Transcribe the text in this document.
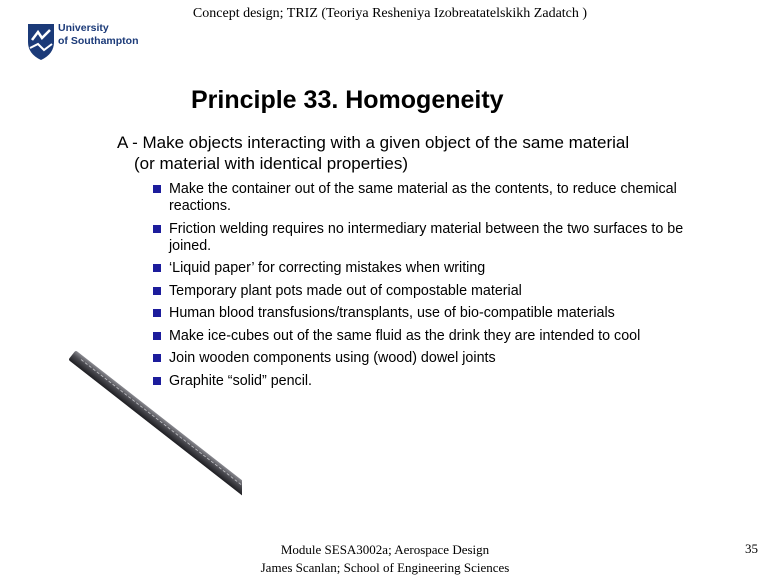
Concept design; TRIZ (Teoriya Resheniya Izobreatatelskikh Zadatch )
University
of Southampton
Principle 33. Homogeneity
A - Make objects interacting with a given object of the same material
(or material with identical properties)
Make the container out of the same material as the contents, to reduce chemical reactions.
Friction welding requires no intermediary material between the two surfaces to be joined.
‘Liquid paper’ for correcting mistakes when writing
Temporary plant pots made out of compostable material
Human blood transfusions/transplants, use of bio-compatible materials
Make ice-cubes out of the same fluid as the drink they are intended to cool
Join wooden components using (wood) dowel joints
Graphite “solid” pencil.
Module SESA3002a; Aerospace Design
James Scanlan; School of Engineering Sciences
35
